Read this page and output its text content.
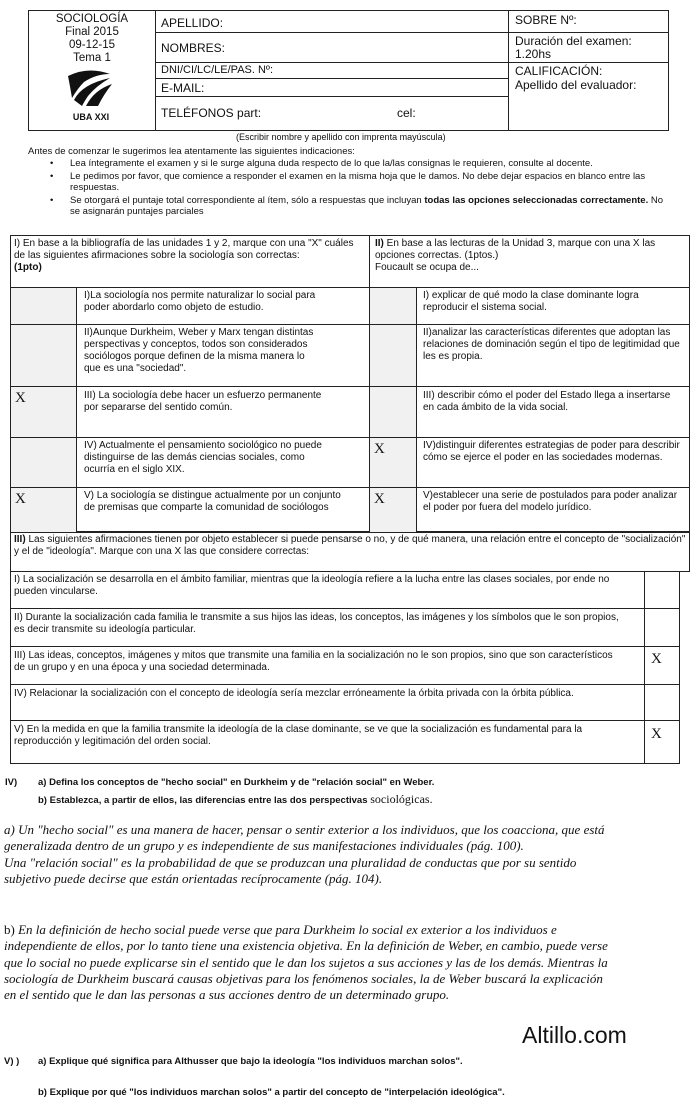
SOCIOLOGÍA
Final 2015
09-12-15
Tema 1
UBA XXI
APELLIDO:
NOMBRES:
DNI/CI/LC/LE/PAS. Nº:
E-MAIL:
TELÉFONOS part:	cel:
SOBRE Nº:
Duración del examen: 1.20hs
CALIFICACIÓN:
Apellido del evaluador:
(Escribir nombre y apellido con imprenta mayúscula)
Antes de comenzar le sugerimos lea atentamente las siguientes indicaciones:
• Lea íntegramente el examen y si le surge alguna duda respecto de lo que la/las consignas le requieren, consulte al docente.
• Le pedimos por favor, que comience a responder el examen en la misma hoja que le damos. No debe dejar espacios en blanco entre las respuestas.
• Se otorgará el puntaje total correspondiente al ítem, sólo a respuestas que incluyan todas las opciones seleccionadas correctamente. No se asignarán puntajes parciales
I) En base a la bibliografía de las unidades 1 y 2, marque con una "X" cuáles de las siguientes afirmaciones sobre la sociología son correctas:
(1pto)
II) En base a las lecturas de la Unidad 3, marque con una X las opciones correctas. (1ptos.)
Foucault se ocupa de...
X
X
I)La sociología nos permite naturalizar lo social para poder abordarlo como objeto de estudio.
II)Aunque Durkheim, Weber y Marx tengan distintas perspectivas y conceptos, todos son considerados sociólogos porque definen de la misma manera lo que es una "sociedad".
III) La sociología debe hacer un esfuerzo permanente por separarse del sentido común.
IV) Actualmente el pensamiento sociológico no puede distinguirse de las demás ciencias sociales, como ocurría en el siglo XIX.
V) La sociología se distingue actualmente por un conjunto de premisas que comparte la comunidad de sociólogos
X
X
I) explicar de qué modo la clase dominante logra reproducir el sistema social.
II)analizar las características diferentes que adoptan las relaciones de dominación según el tipo de legitimidad que les es propia.
III) describir cómo el poder del Estado llega a insertarse en cada ámbito de la vida social.
IV)distinguir diferentes estrategias de poder para describir cómo se ejerce el poder en las sociedades modernas.
V)establecer una serie de postulados para poder analizar el poder por fuera del modelo jurídico.
III) Las siguientes afirmaciones tienen por objeto establecer si puede pensarse o no, y de qué manera, una relación entre el concepto de "socialización" y el de "ideología". Marque con una X las que considere correctas:
I) La socialización se desarrolla en el ámbito familiar, mientras que la ideología refiere a la lucha entre las clases sociales, por ende no pueden vincularse.
II) Durante la socialización cada familia le transmite a sus hijos las ideas, los conceptos, las imágenes y los símbolos que le son propios, es decir transmite su ideología particular.
III) Las ideas, conceptos, imágenes y mitos que transmite una familia en la socialización no le son propios, sino que son característicos de un grupo y en una época y una sociedad determinada.
IV) Relacionar la socialización con el concepto de ideología sería mezclar erróneamente la órbita privada con la órbita pública.
V) En la medida en que la familia transmite la ideología de la clase dominante, se ve que la socialización es fundamental para la reproducción y legitimación del orden social.
X
X
IV) a) Defina los conceptos de "hecho social" en Durkheim y de "relación social" en Weber.
b) Establezca, a partir de ellos, las diferencias entre las dos perspectivas sociológicas.
a) Un "hecho social" es una manera de hacer, pensar o sentir exterior a los individuos, que los coacciona, que está generalizada dentro de un grupo y es independiente de sus manifestaciones individuales (pág. 100).
Una "relación social" es la probabilidad de que se produzcan una pluralidad de conductas que por su sentido subjetivo puede decirse que están orientadas recíprocamente (pág. 104).
b) En la definición de hecho social puede verse que para Durkheim lo social ex exterior a los individuos e independiente de ellos, por lo tanto tiene una existencia objetiva. En la definición de Weber, en cambio, puede verse que lo social no puede explicarse sin el sentido que le dan los sujetos a sus acciones y las de los demás. Mientras la sociología de Durkheim buscará causas objetivas para los fenómenos sociales, la de Weber buscará la explicación en el sentido que le dan las personas a sus acciones dentro de un determinado grupo.
Altillo.com
V) ) a) Explique qué significa para Althusser que bajo la ideología "los individuos marchan solos".
b) Explique por qué "los individuos marchan solos" a partir del concepto de "interpelación ideológica".
